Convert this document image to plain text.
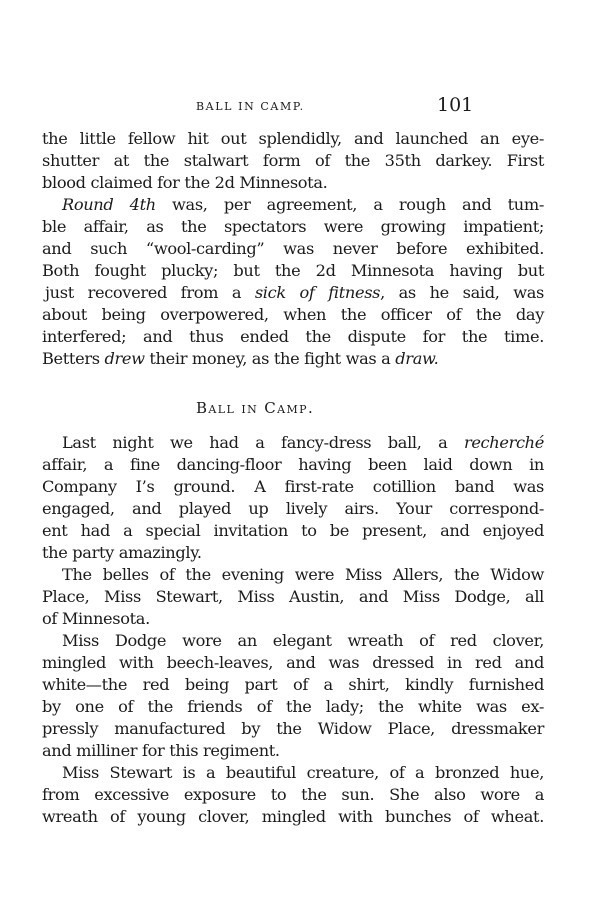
BALL IN CAMP.	101
the little fellow hit out splendidly, and launched an eye-
shutter at the stalwart form of the 35th darkey. First
blood claimed for the 2d Minnesota.
Round 4th was, per agreement, a rough and tum-
ble affair, as the spectators were growing impatient;
and such “wool-carding” was never before exhibited.
Both fought plucky; but the 2d Minnesota having but
just recovered from a sick of fitness, as he said, was
about being overpowered, when the officer of the day
interfered; and thus ended the dispute for the time.
Betters drew their money, as the fight was a draw.
Ball in Camp.
Last night we had a fancy-dress ball, a recherché
affair, a fine dancing-floor having been laid down in
Company I’s ground. A first-rate cotillion band was
engaged, and played up lively airs. Your correspond-
ent had a special invitation to be present, and enjoyed
the party amazingly.
The belles of the evening were Miss Allers, the Widow
Place, Miss Stewart, Miss Austin, and Miss Dodge, all
of Minnesota.
Miss Dodge wore an elegant wreath of red clover,
mingled with beech-leaves, and was dressed in red and
white—the red being part of a shirt, kindly furnished
by one of the friends of the lady; the white was ex-
pressly manufactured by the Widow Place, dressmaker
and milliner for this regiment.
Miss Stewart is a beautiful creature, of a bronzed hue,
from excessive exposure to the sun. She also wore a
wreath of young clover, mingled with bunches of wheat.
